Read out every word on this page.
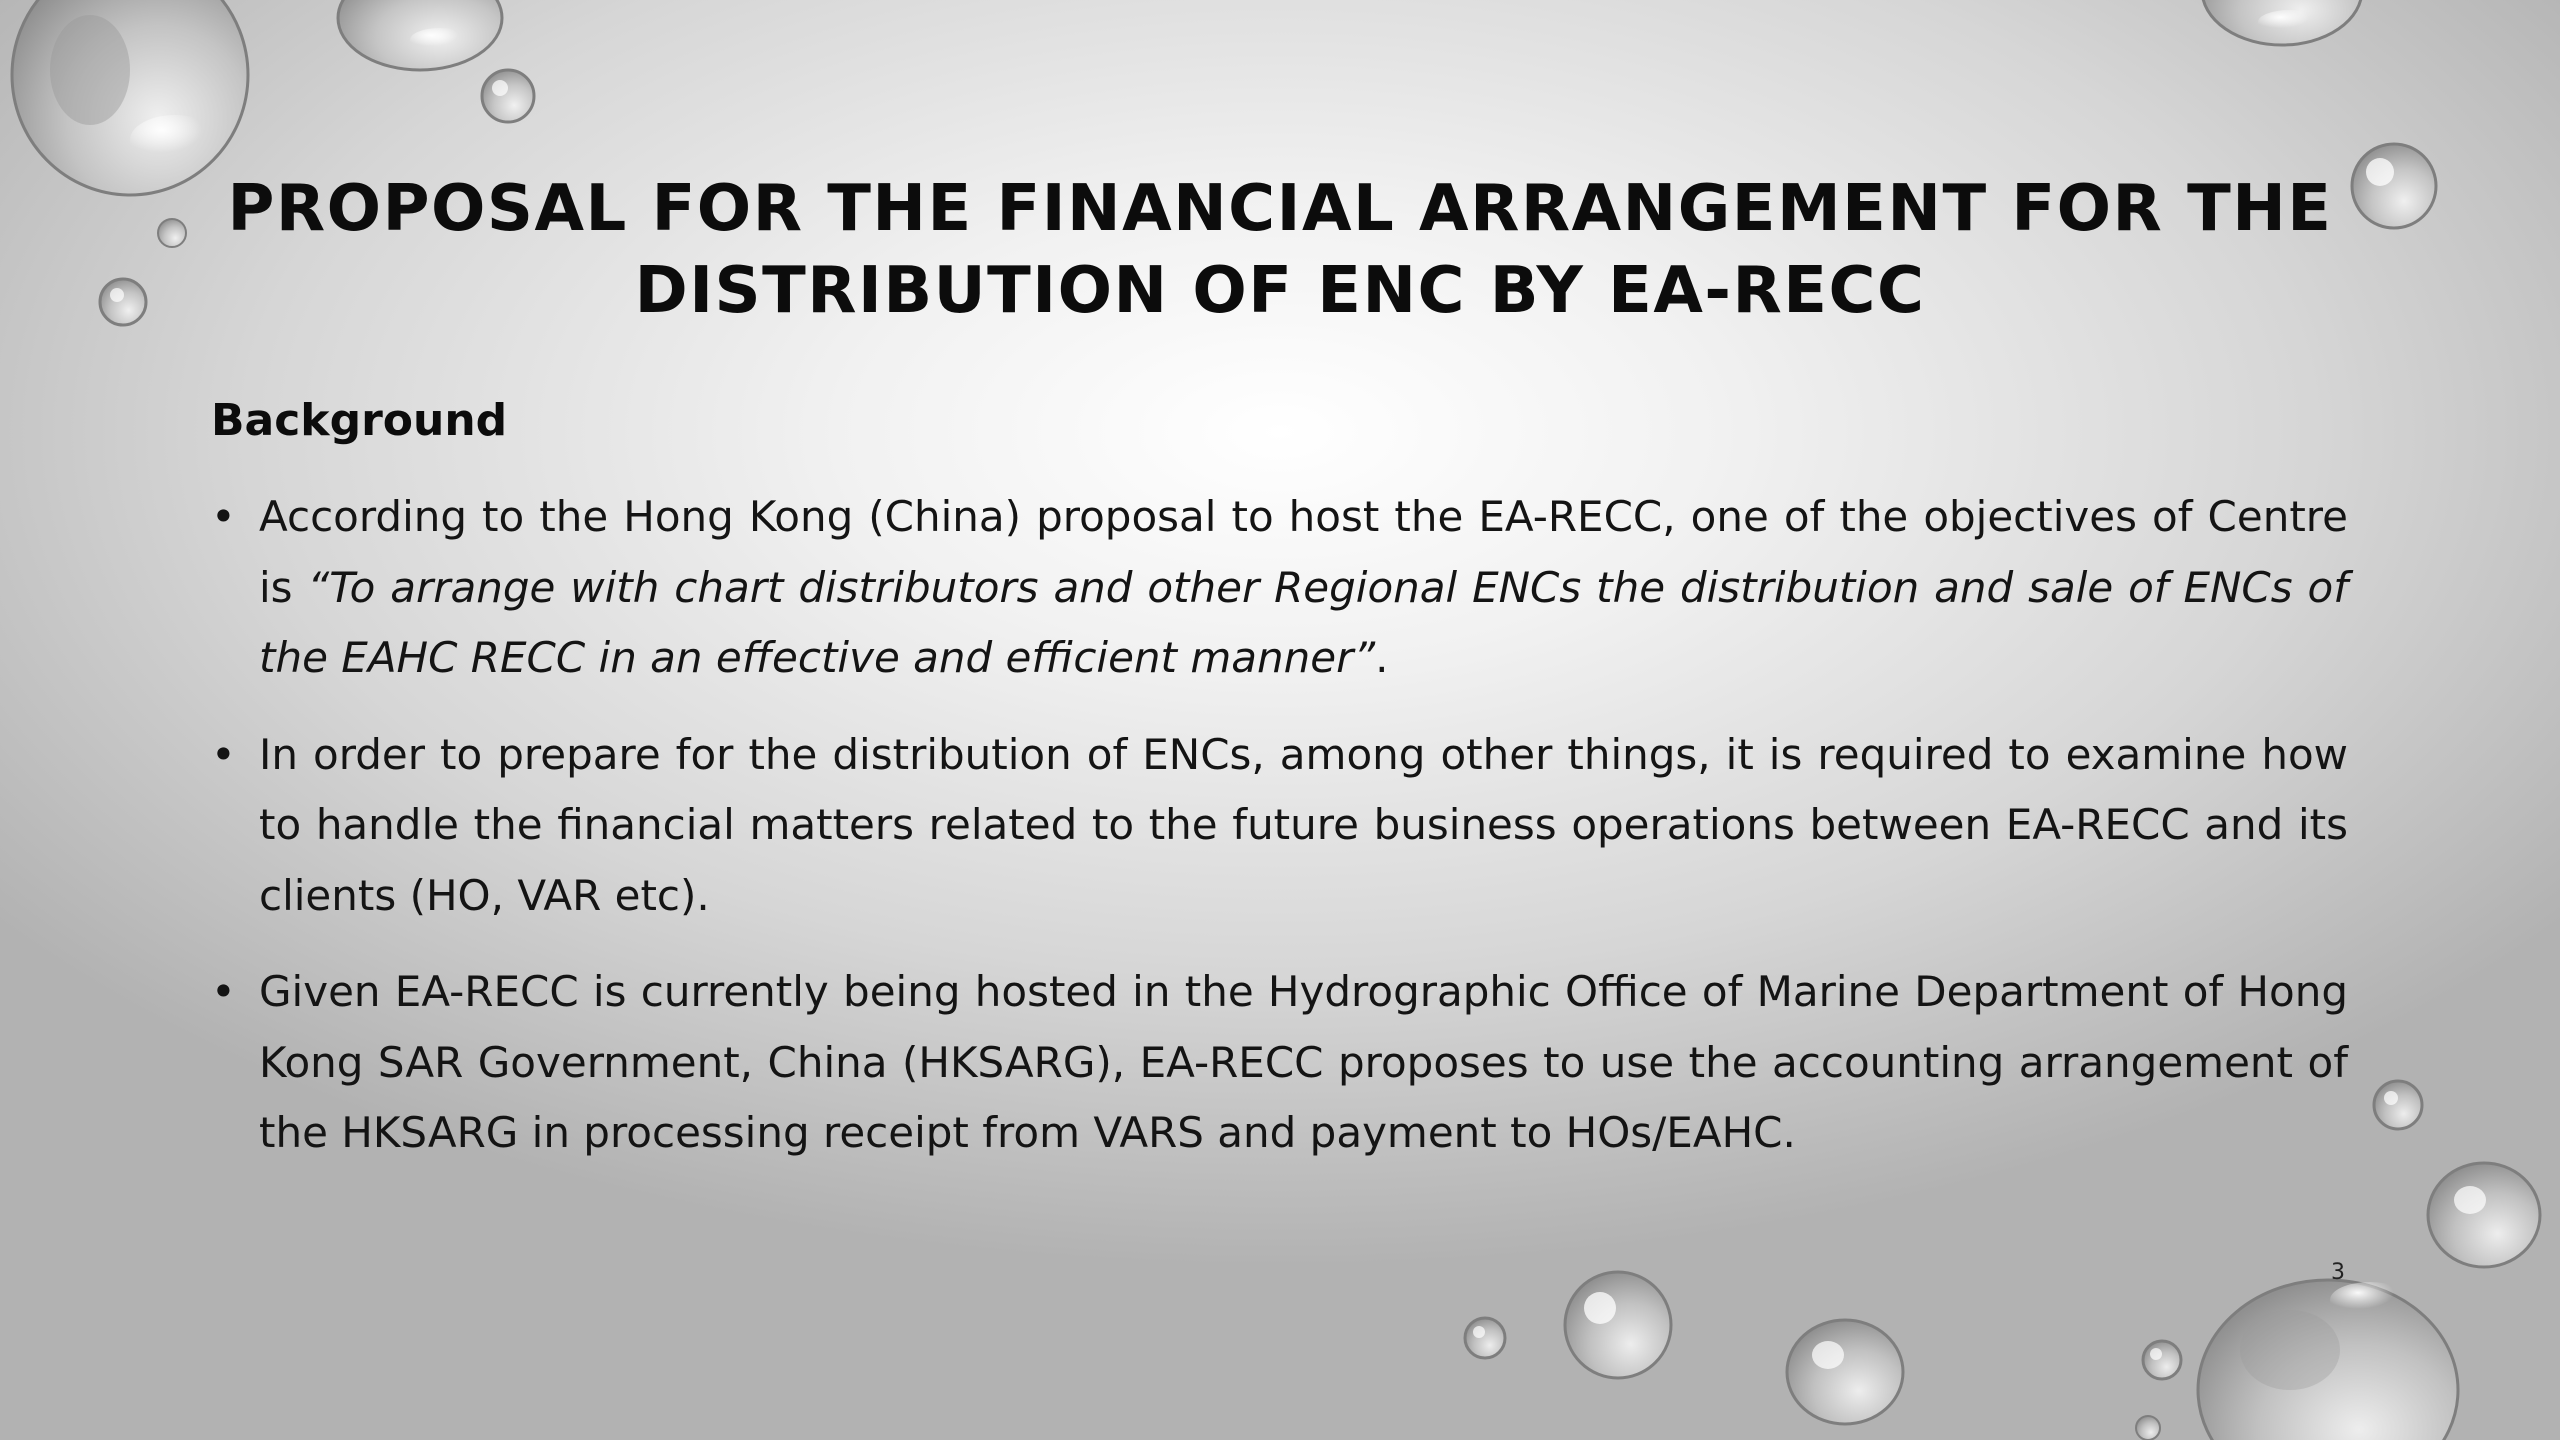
PROPOSAL FOR THE FINANCIAL ARRANGEMENT FOR THE
DISTRIBUTION OF ENC BY EA-RECC
Background
• According to the Hong Kong (China) proposal to host the EA-RECC, one of the objectives of Centre is “To arrange with chart distributors and other Regional ENCs the distribution and sale of ENCs of the EAHC RECC in an effective and efficient manner”.
• In order to prepare for the distribution of ENCs, among other things, it is required to examine how to handle the financial matters related to the future business operations between EA-RECC and its clients (HO, VAR etc).
• Given EA-RECC is currently being hosted in the Hydrographic Office of Marine Department of Hong Kong SAR Government, China (HKSARG), EA-RECC proposes to use the accounting arrangement of the HKSARG in processing receipt from VARS and payment to HOs/EAHC.
3
